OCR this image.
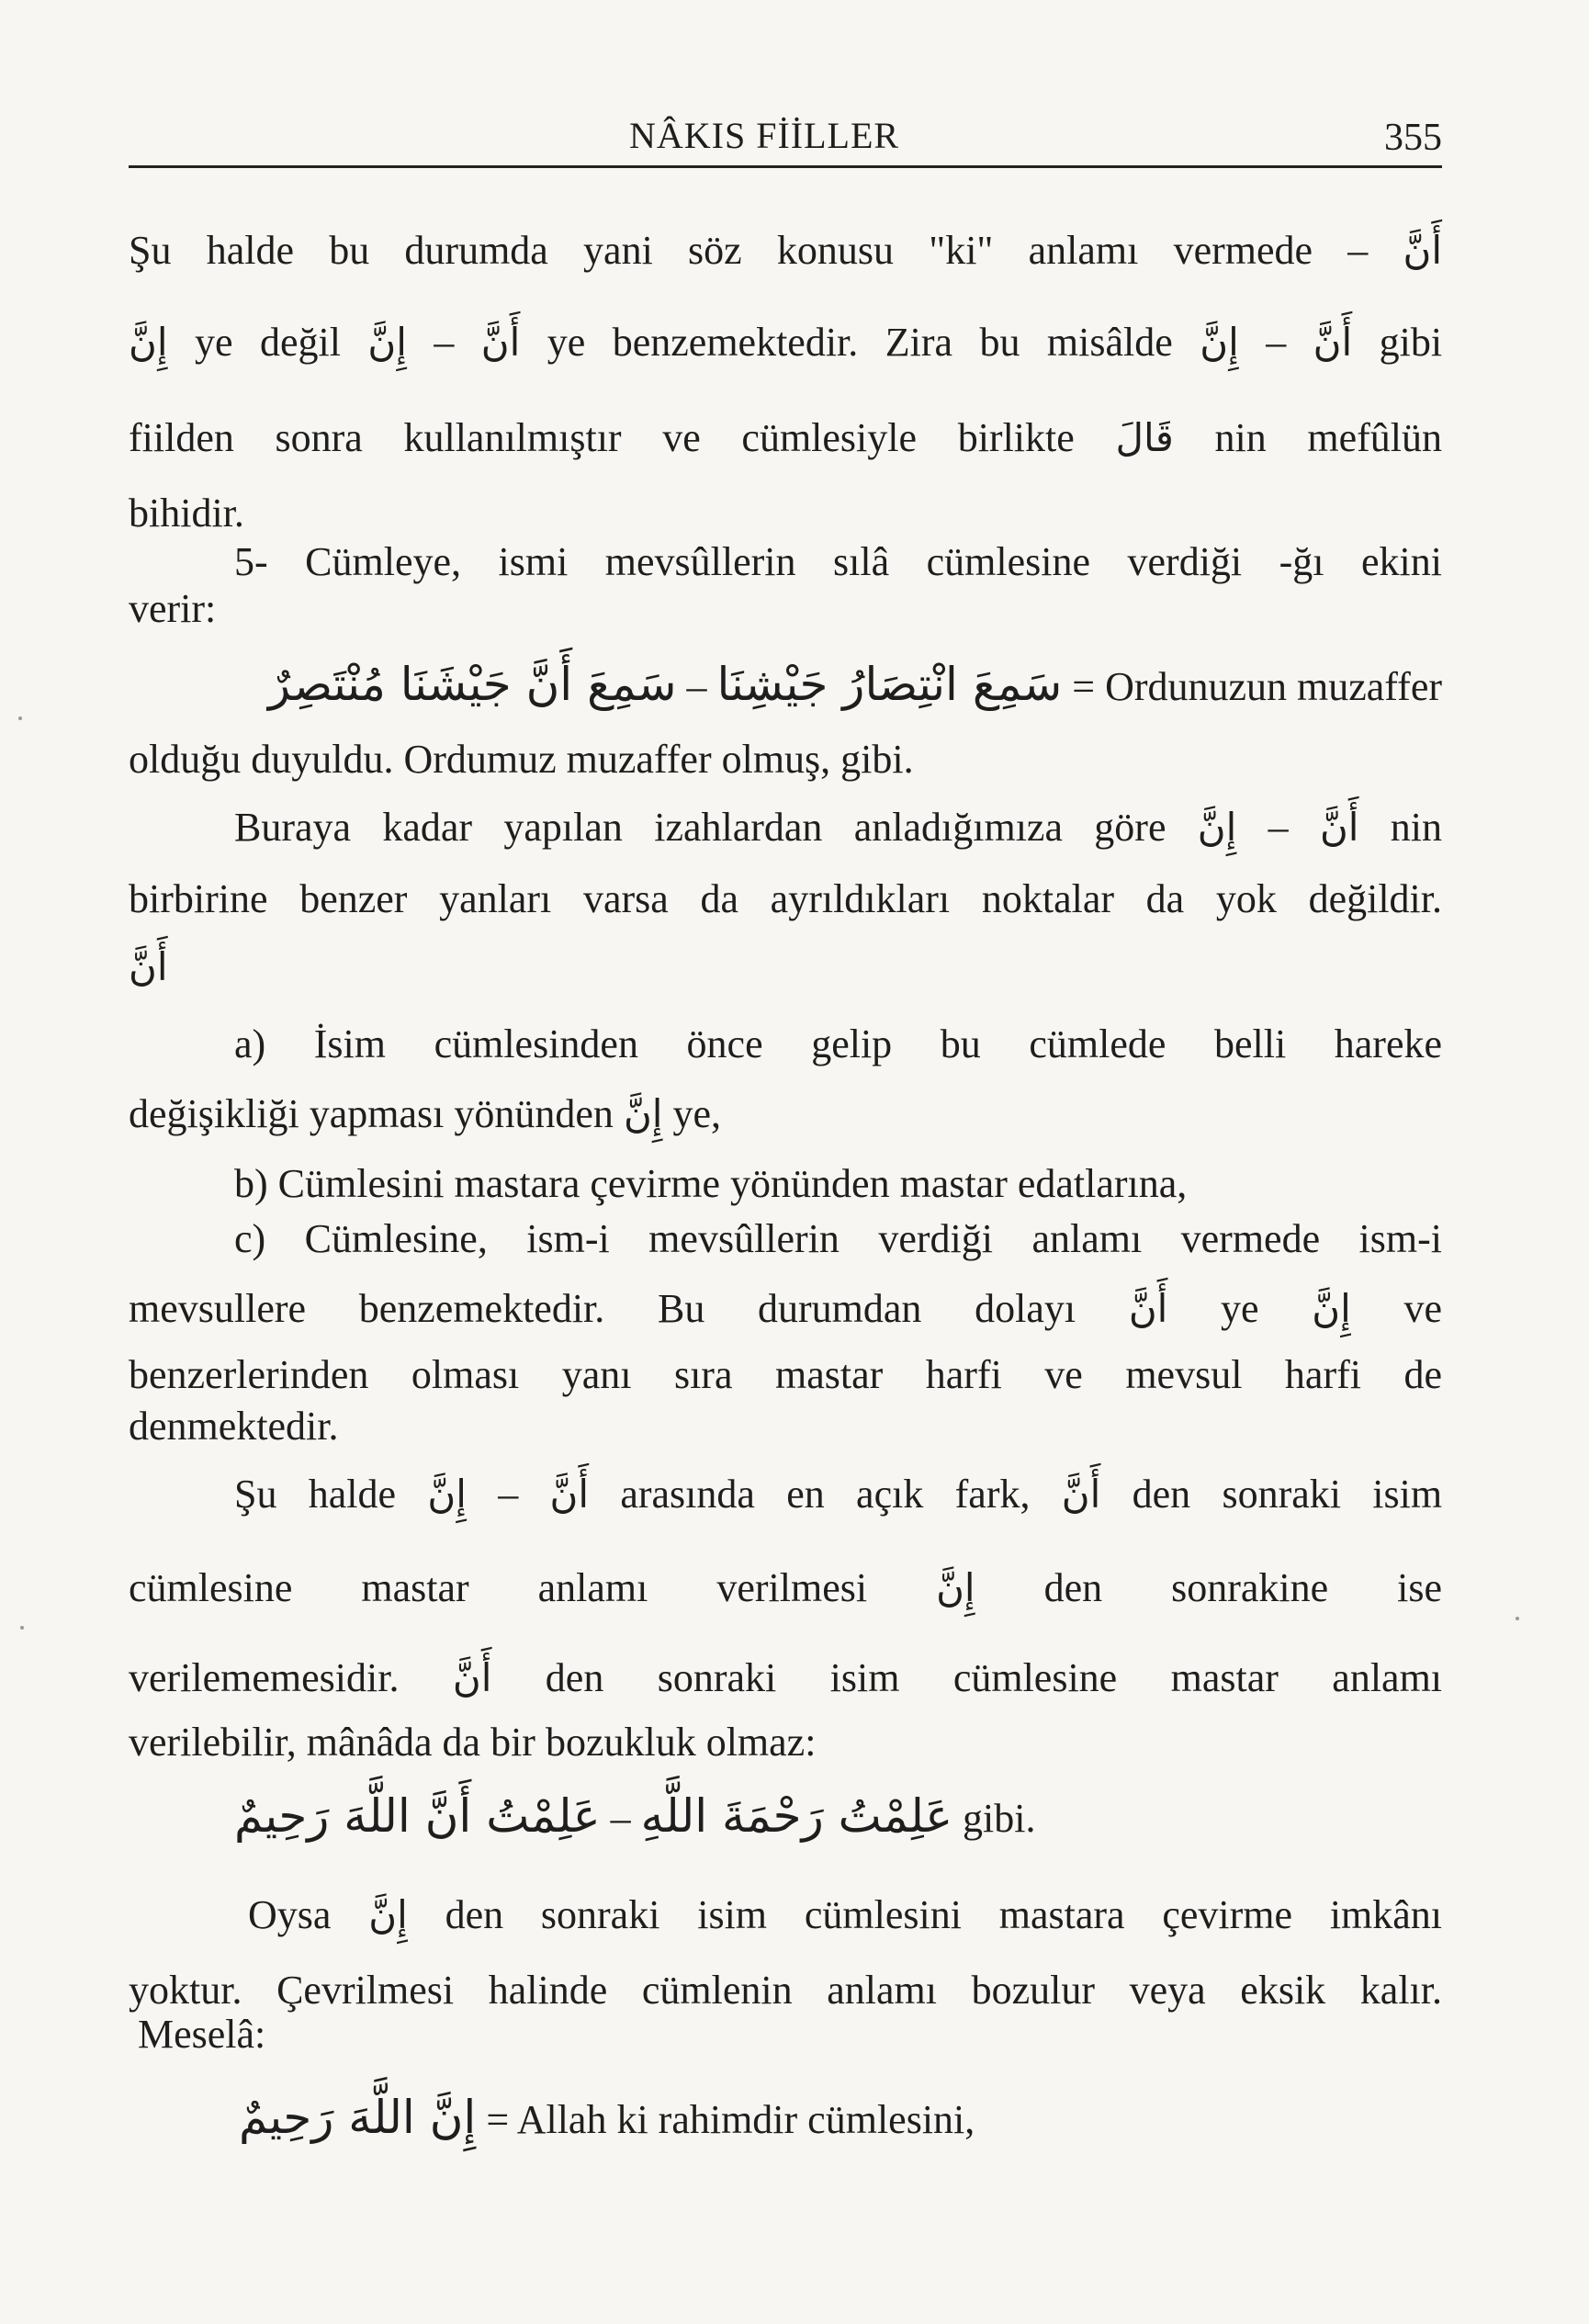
NÂKIS FİİLLER	355
Şu halde bu durumda yani söz konusu "ki" anlamı vermede – أَنَّ
إِنَّ ye değil إِنَّ – أَنَّ ye benzemektedir. Zira bu misâlde إِنَّ – أَنَّ gibi
fiilden sonra kullanılmıştır ve cümlesiyle birlikte قَالَ nin mefûlün
bihidir.
5- Cümleye, ismi mevsûllerin sılâ cümlesine verdiği -ğı ekini
verir:
سَمِعَ أَنَّ جَيْشَنَا مُنْتَصِرٌ – سَمِعَ انْتِصَارُ جَيْشِنَا = Ordunuzun muzaffer
olduğu duyuldu. Ordumuz muzaffer olmuş, gibi.
Buraya kadar yapılan izahlardan anladığımıza göre إِنَّ – أَنَّ nin
birbirine benzer yanları varsa da ayrıldıkları noktalar da yok değildir.
أَنَّ
a) İsim cümlesinden önce gelip bu cümlede belli hareke
değişikliği yapması yönünden إِنَّ ye,
b) Cümlesini mastara çevirme yönünden mastar edatlarına,
c) Cümlesine, ism-i mevsûllerin verdiği anlamı vermede ism-i
mevsullere benzemektedir. Bu durumdan dolayı أَنَّ ye إِنَّ ve
benzerlerinden olması yanı sıra mastar harfi ve mevsul harfi de
denmektedir.
Şu halde إِنَّ – أَنَّ arasında en açık fark, أَنَّ den sonraki isim
cümlesine mastar anlamı verilmesi إِنَّ den sonrakine ise
verilememesidir. أَنَّ den sonraki isim cümlesine mastar anlamı
verilebilir, mânâda da bir bozukluk olmaz:
عَلِمْتُ أَنَّ اللَّهَ رَحِيمٌ – عَلِمْتُ رَحْمَةَ اللَّهِ gibi.
Oysa إِنَّ den sonraki isim cümlesini mastara çevirme imkânı
yoktur. Çevrilmesi halinde cümlenin anlamı bozulur veya eksik kalır.
Meselâ:
إِنَّ اللَّهَ رَحِيمٌ = Allah ki rahimdir cümlesini,
